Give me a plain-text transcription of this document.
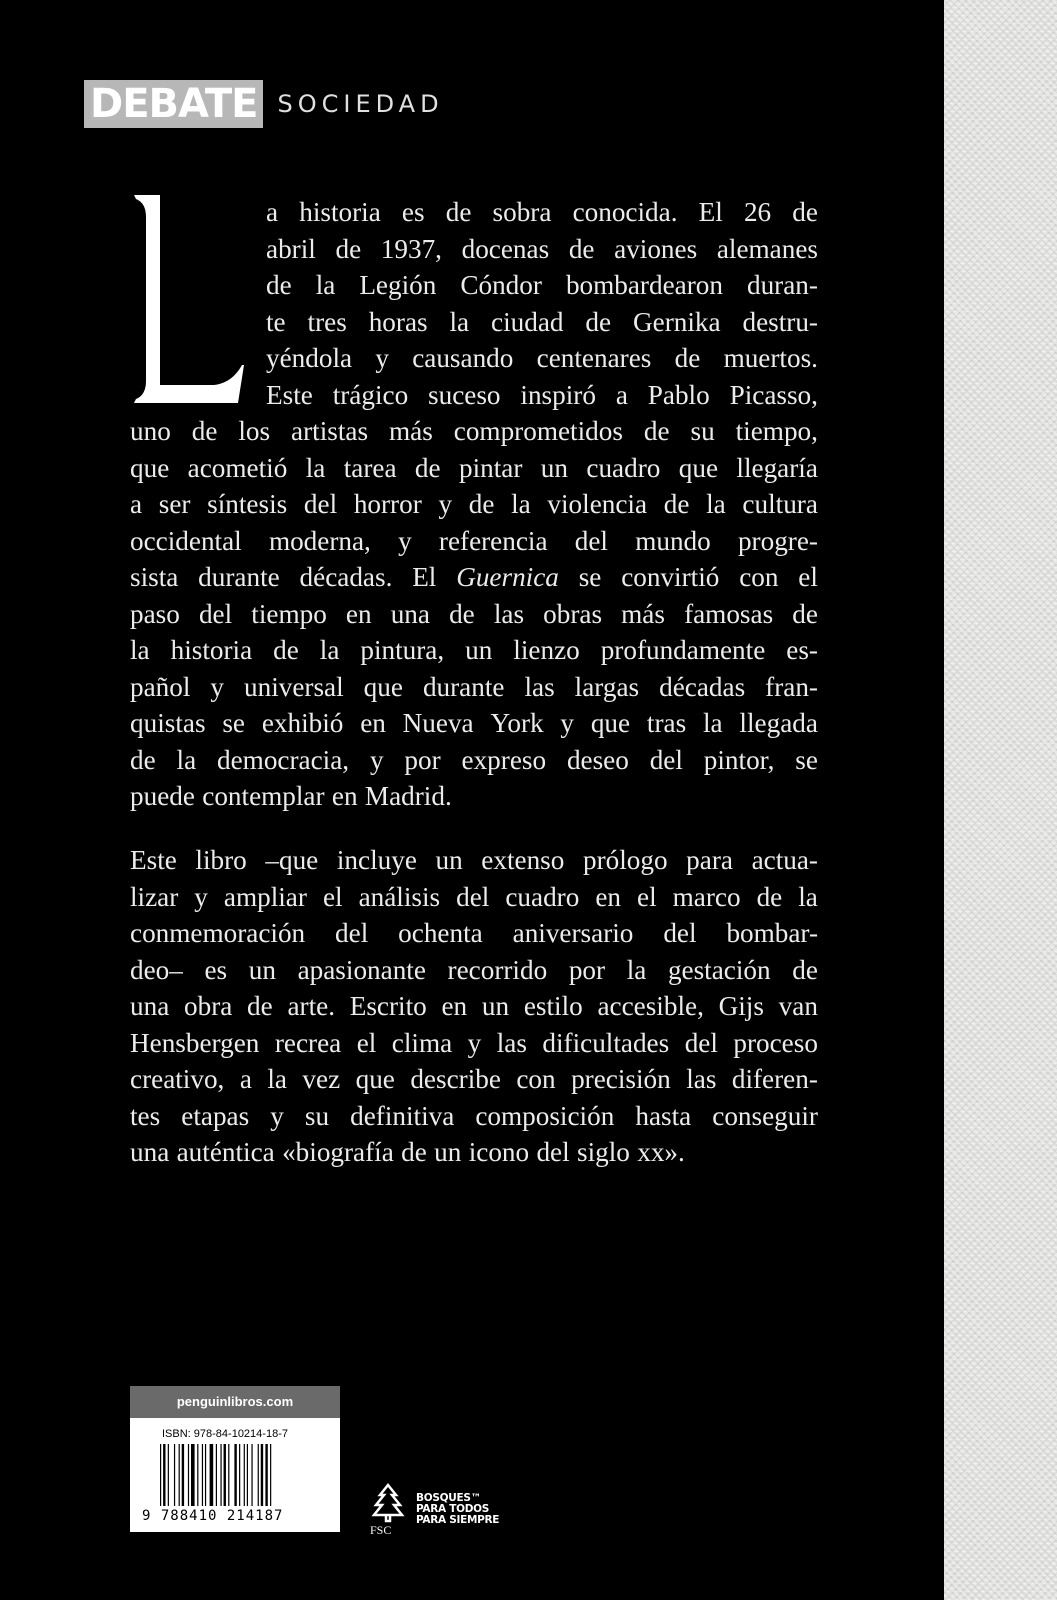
DEBATE SOCIEDAD
a historia es de sobra conocida. El 26 de
abril de 1937, docenas de aviones alemanes
de la Legión Cóndor bombardearon duran-
te tres horas la ciudad de Gernika destru-
yéndola y causando centenares de muertos.
Este trágico suceso inspiró a Pablo Picasso,
uno de los artistas más comprometidos de su tiempo,
que acometió la tarea de pintar un cuadro que llegaría
a ser síntesis del horror y de la violencia de la cultura
occidental moderna, y referencia del mundo progre-
sista durante décadas. El Guernica se convirtió con el
paso del tiempo en una de las obras más famosas de
la historia de la pintura, un lienzo profundamente es-
pañol y universal que durante las largas décadas fran-
quistas se exhibió en Nueva York y que tras la llegada
de la democracia, y por expreso deseo del pintor, se
puede contemplar en Madrid.
Este libro –que incluye un extenso prólogo para actua-
lizar y ampliar el análisis del cuadro en el marco de la
conmemoración del ochenta aniversario del bombar-
deo– es un apasionante recorrido por la gestación de
una obra de arte. Escrito en un estilo accesible, Gijs van
Hensbergen recrea el clima y las dificultades del proceso
creativo, a la vez que describe con precisión las diferen-
tes etapas y su definitiva composición hasta conseguir
una auténtica «biografía de un icono del siglo xx».
penguinlibros.com
ISBN: 978-84-10214-18-7
9 788410 214187
FSC
BOSQUES™
PARA TODOS
PARA SIEMPRE
